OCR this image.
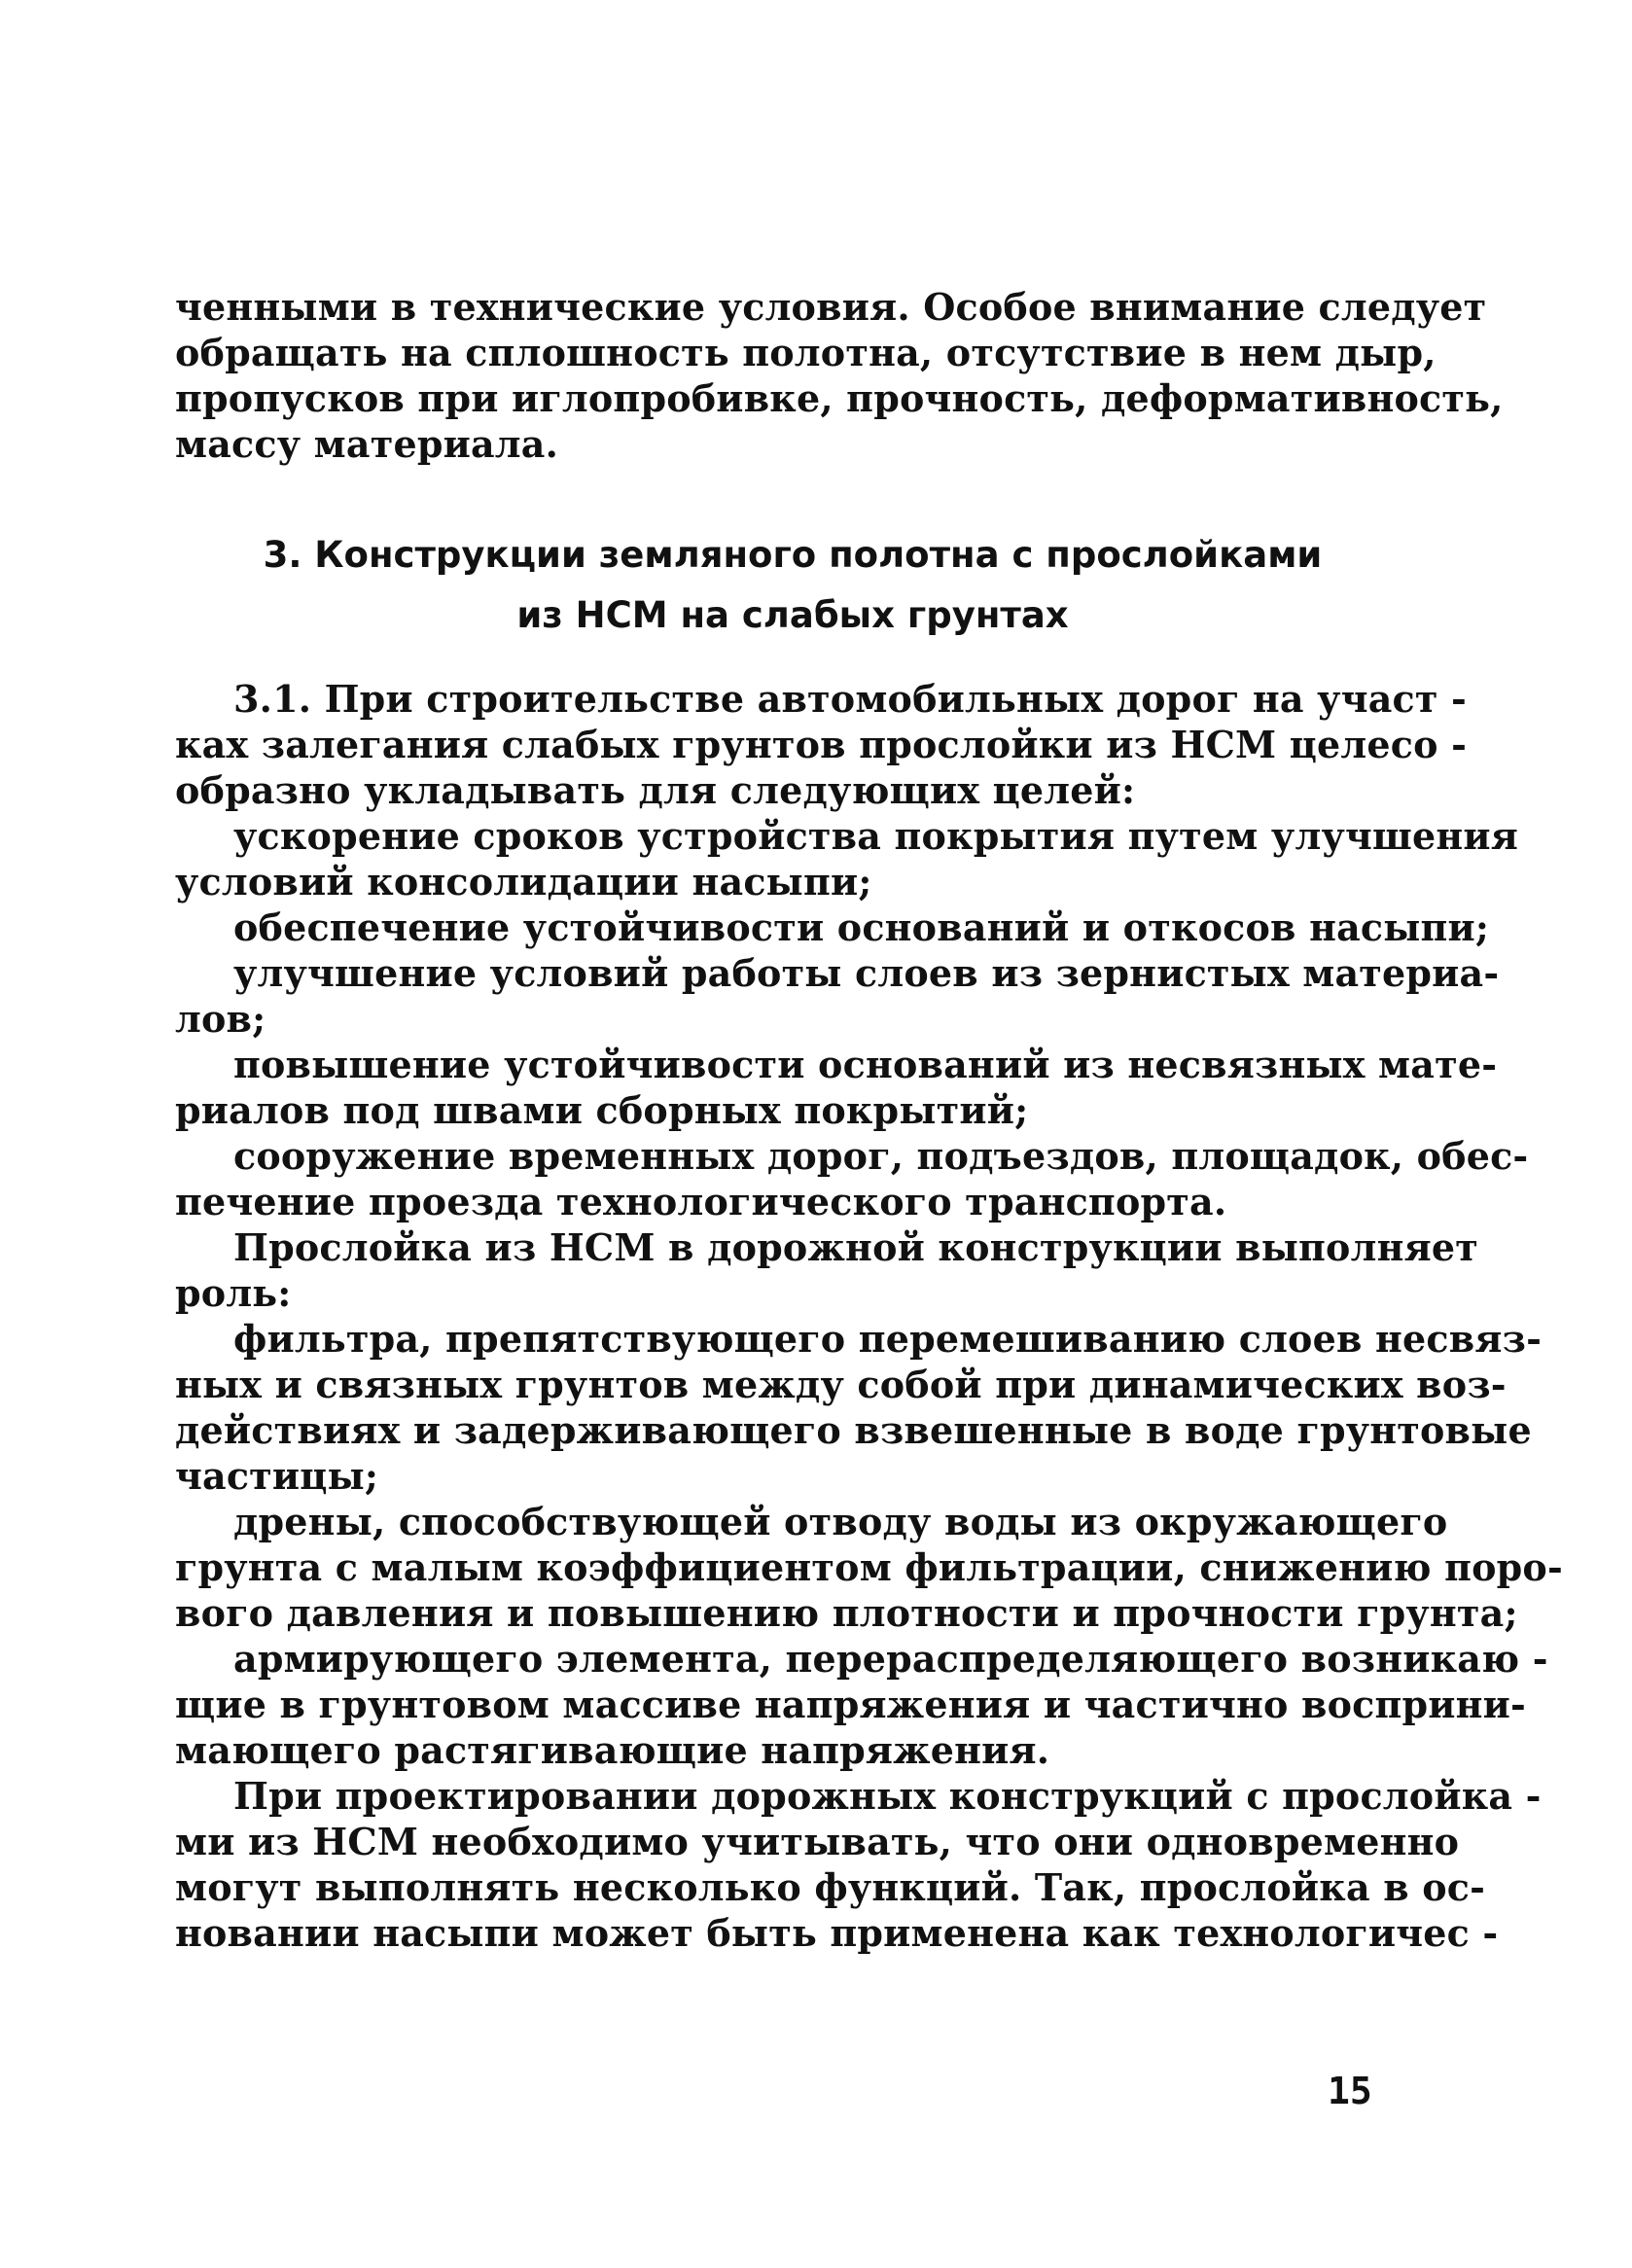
ченными в технические условия. Особое внимание следует
обращать на сплошность полотна, отсутствие в нем дыр,
пропусков при иглопробивке, прочность, деформативность,
массу материала.
3. Конструкции земляного полотна с прослойками
из НСМ на слабых грунтах
3.1. При строительстве автомобильных дорог на участ -
ках залегания слабых грунтов прослойки из НСМ целесо -
образно укладывать для следующих целей:
ускорение сроков устройства покрытия путем улучшения
условий консолидации насыпи;
обеспечение устойчивости оснований и откосов насыпи;
улучшение условий работы слоев из зернистых материа-
лов;
повышение устойчивости оснований из несвязных мате-
риалов под швами сборных покрытий;
сооружение временных дорог, подъездов, площадок, обес-
печение проезда технологического транспорта.
Прослойка из НСМ в дорожной конструкции выполняет
роль:
фильтра, препятствующего перемешиванию слоев несвяз-
ных и связных грунтов между собой при динамических воз-
действиях и задерживающего взвешенные в воде грунтовые
частицы;
дрены, способствующей отводу воды из окружающего
грунта с малым коэффициентом фильтрации, снижению поро-
вого давления и повышению плотности и прочности грунта;
армирующего элемента, перераспределяющего возникаю -
щие в грунтовом массиве напряжения и частично восприни-
мающего растягивающие напряжения.
При проектировании дорожных конструкций с прослойка -
ми из НСМ необходимо учитывать, что они одновременно
могут выполнять несколько функций. Так, прослойка в ос-
новании насыпи может быть применена как технологичес -
15
